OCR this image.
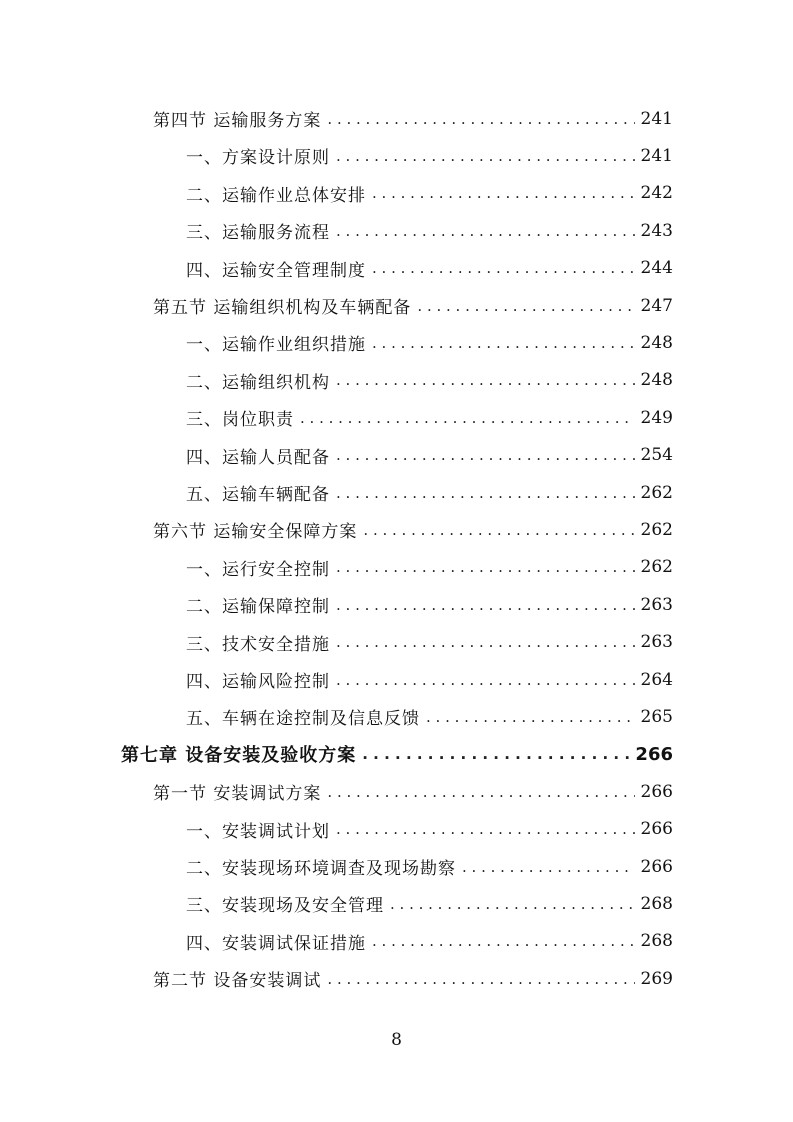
第四节 运输服务方案 . . .	241
一、方案设计原则 . . .	241
二、运输作业总体安排 . . .	242
三、运输服务流程 . . .	243
四、运输安全管理制度 . . .	244
第五节 运输组织机构及车辆配备 . . .	247
一、运输作业组织措施 . . .	248
二、运输组织机构 . . .	248
三、岗位职责 . . .	249
四、运输人员配备 . . .	254
五、运输车辆配备 . . .	262
第六节 运输安全保障方案 . . .	262
一、运行安全控制 . . .	262
二、运输保障控制 . . .	263
三、技术安全措施 . . .	263
四、运输风险控制 . . .	264
五、车辆在途控制及信息反馈 . . .	265
第七章 设备安装及验收方案 . . .	266
第一节 安装调试方案 . . .	266
一、安装调试计划 . . .	266
二、安装现场环境调查及现场勘察 . . .	266
三、安装现场及安全管理 . . .	268
四、安装调试保证措施 . . .	268
第二节 设备安装调试 . . .	269
8
